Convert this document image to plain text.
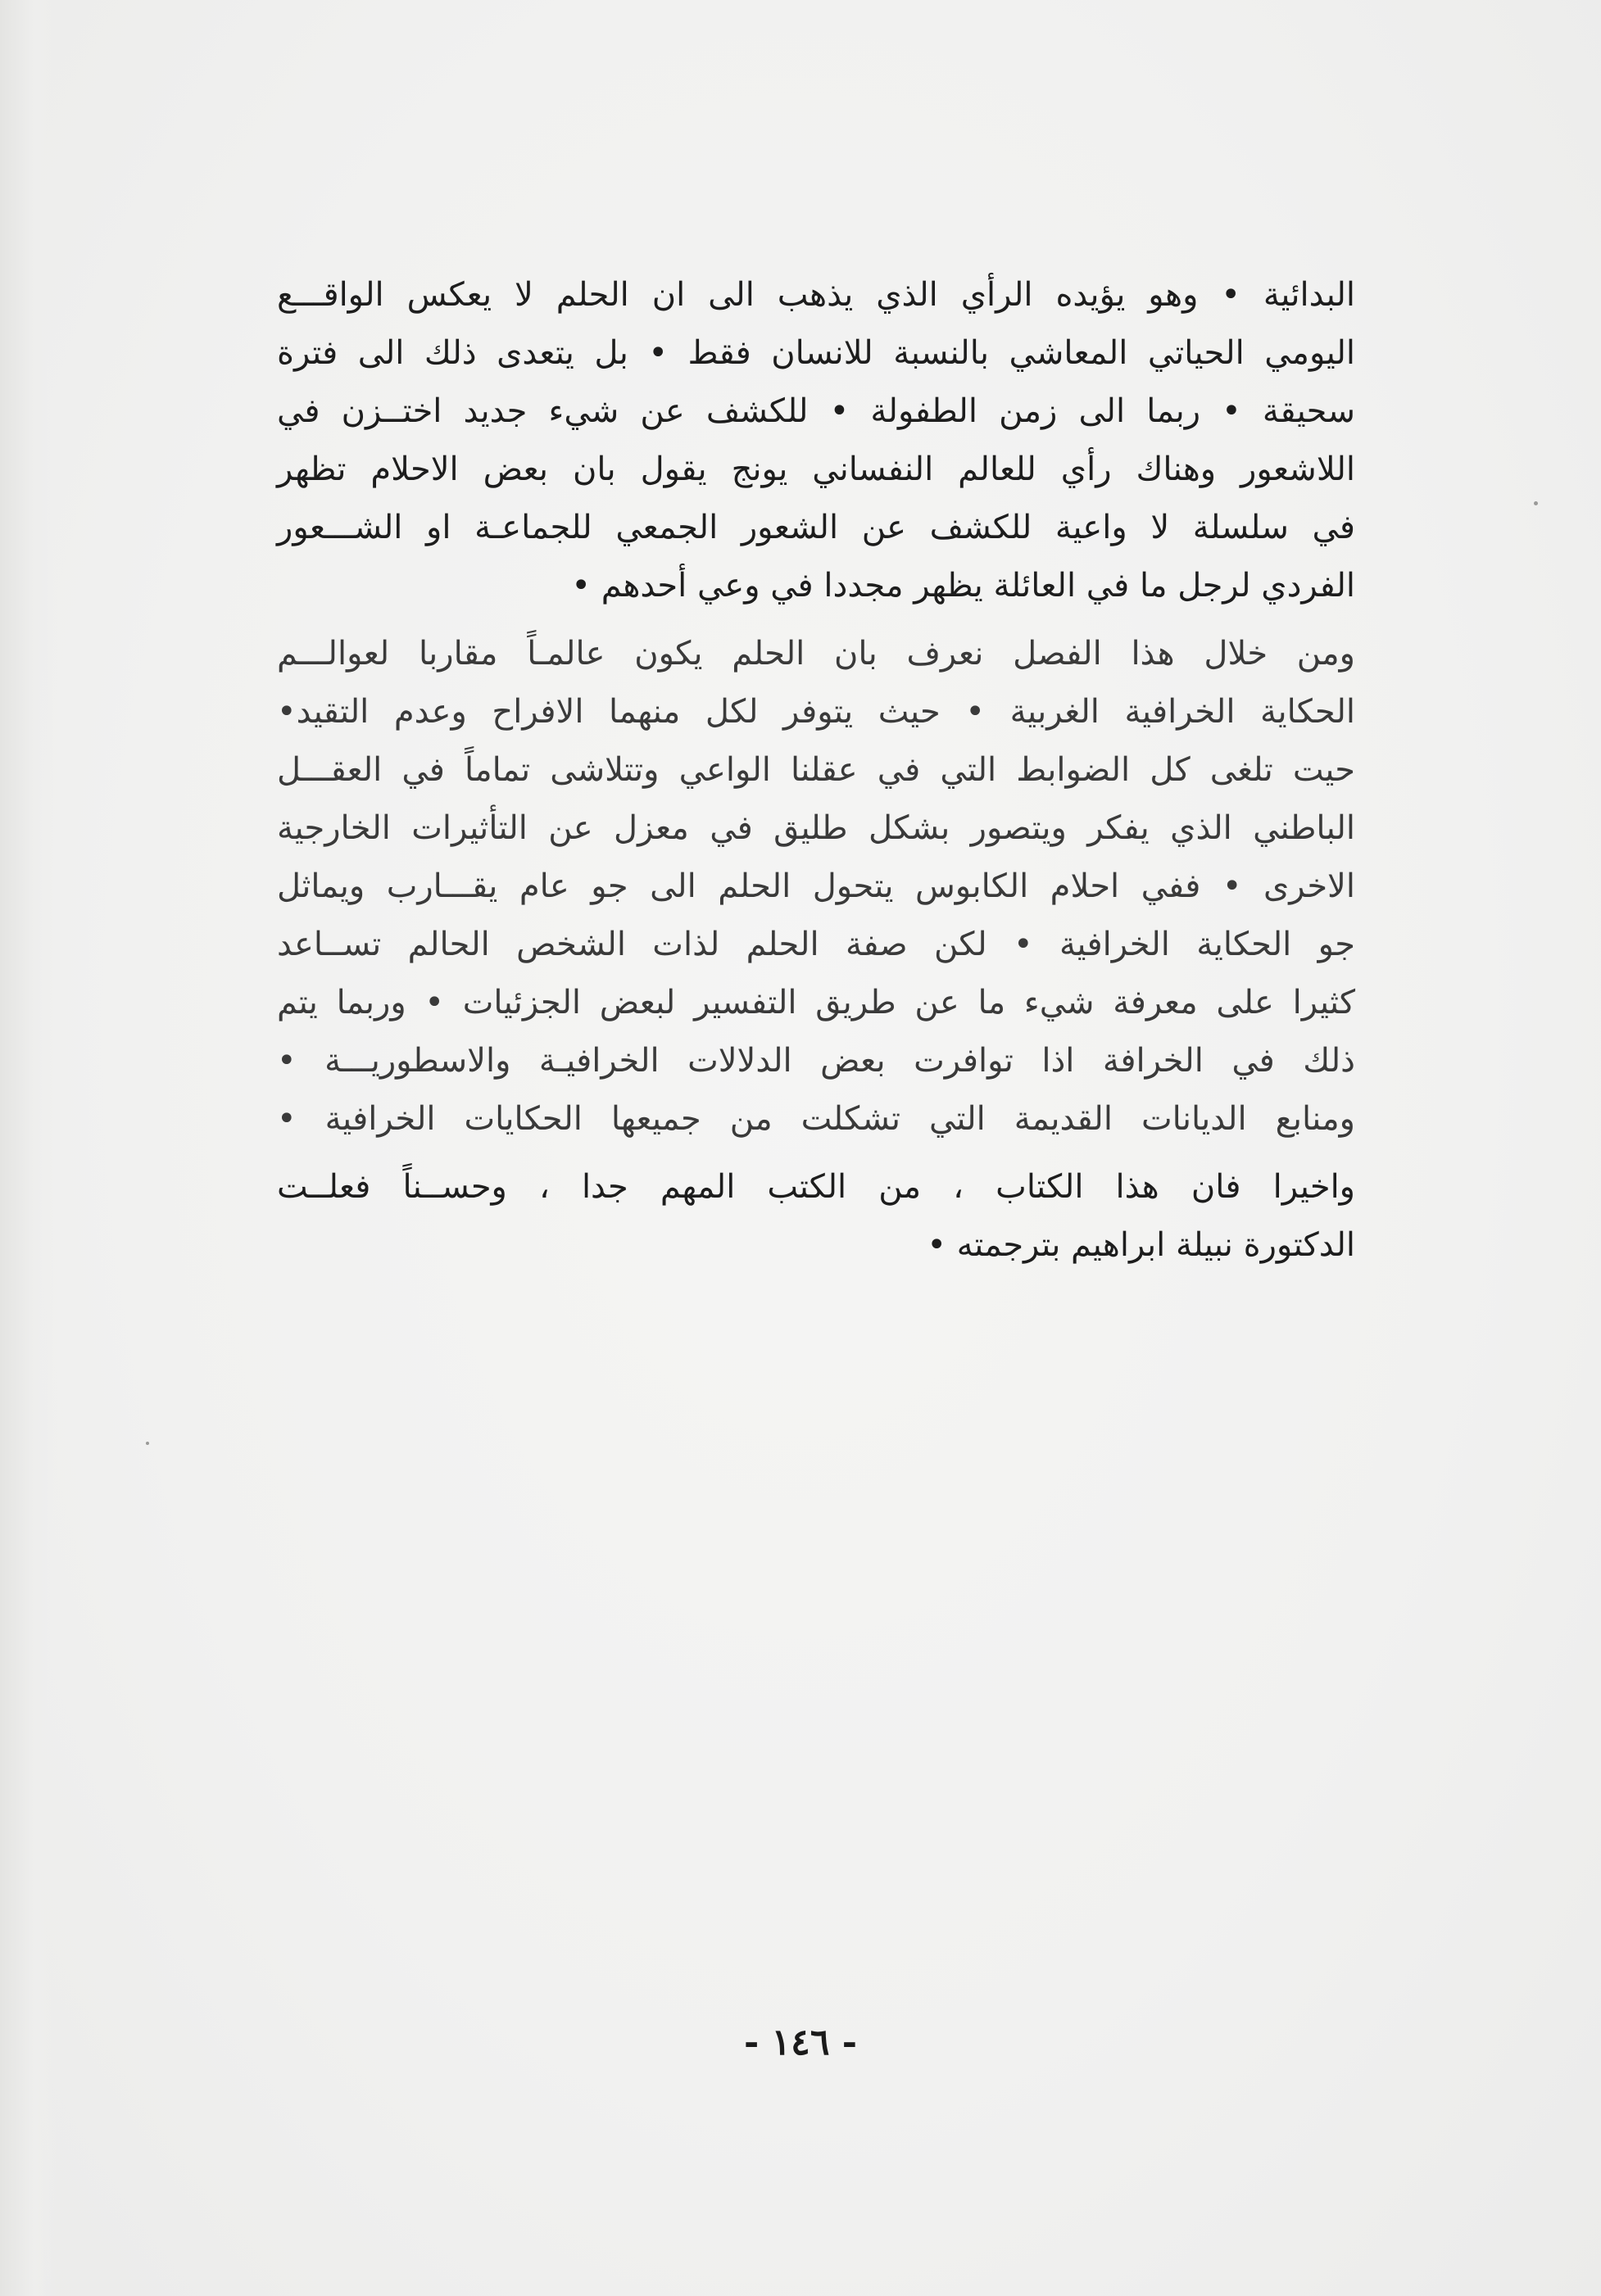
البدائية • وهو يؤيده الرأي الذي يذهب الى ان الحلم لا يعكس الواقـــع
اليومي الحياتي المعاشي بالنسبة للانسان فقط • بل يتعدى ذلك الى فترة
سحيقة • ربما الى زمن الطفولة • للكشف عن شيء جديد اختــزن في
اللاشعور وهناك رأي للعالم النفساني يونج يقول بان بعض الاحلام تظهر
في سلسلة لا واعية للكشف عن الشعور الجمعي للجماعـة او الشـــعور
الفردي لرجل ما في العائلة يظهر مجددا في وعي أحدهم •

ومن خلال هذا الفصل نعرف بان الحلم يكون عالمـاً مقاربا لعوالـــم
الحكاية الخرافية الغربية • حيث يتوفر لكل منهما الافراح وعدم التقيد•
حيت تلغى كل الضوابط التي في عقلنا الواعي وتتلاشى تماماً في العقـــل
الباطني الذي يفكر ويتصور بشكل طليق في معزل عن التأثيرات الخارجية
الاخرى • ففي احلام الكابوس يتحول الحلم الى جو عام يقـــارب ويماثل
جو الحكاية الخرافية • لكن صفة الحلم لذات الشخص الحالم تســاعد
كثيرا على معرفة شيء ما عن طريق التفسير لبعض الجزئيات • وربما يتم
ذلك في الخرافة اذا توافرت بعض الدلالات الخرافيـة والاسطوريـــة •
ومنابع الديانات القديمة التي تشكلت من جميعها الحكايات الخرافية •

واخيرا فان هذا الكتاب ، من الكتب المهم جدا ، وحســناً فعلــت
الدكتورة نبيلة ابراهيم بترجمته •

- ١٤٦ -
